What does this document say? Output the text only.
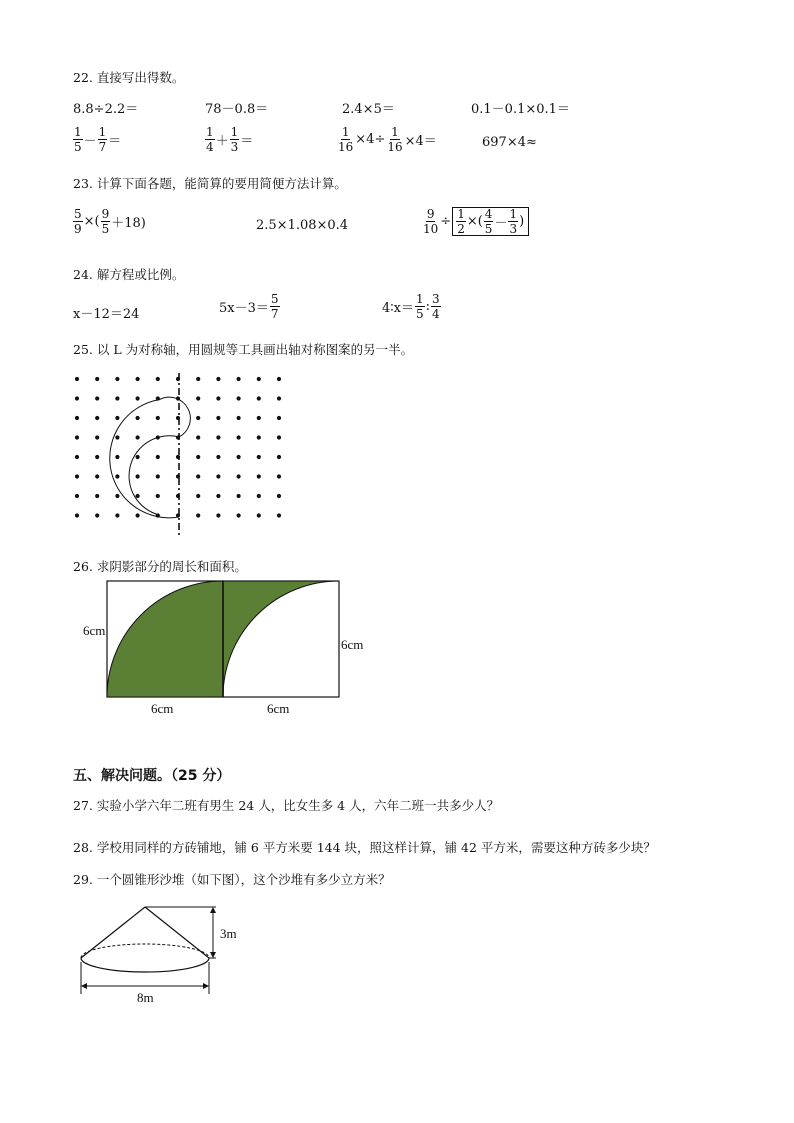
22. 直接写出得数。
8.8÷2.2＝	78－0.8＝	2.4×5＝	0.1－0.1×0.1＝
$\frac{1}{5} - \frac{1}{7}$ ＝	$\frac{1}{4} + \frac{1}{3}$ ＝	$\frac{1}{16} \times 4\div \frac{1}{16} \times 4=$	697×4≈
23. 计算下面各题，能简算的要用简便方法计算。
$\frac{5}{9}$ ×( $\frac{9}{5} +18$)	2.5×1.08×0.4	$\frac{9}{10} \div \frac{1}{2}$ ×( $\frac{4}{5} - \frac{1}{3}$ )
24. 解方程或比例。
x－12＝24	$5x-3= \frac{5}{7}$	4∶x＝ $\frac{1}{5}$ : $\frac{3}{4}$
25. 以 L 为对称轴，用圆规等工具画出轴对称图案的另一半。
26. 求阴影部分的周长和面积。
6cm
6cm
6cm	6cm
五、解决问题。（25 分）
27. 实验小学六年二班有男生 24 人，比女生多 4 人，六年二班一共多少人？
28. 学校用同样的方砖铺地，铺 6 平方米要 144 块，照这样计算，铺 42 平方米，需要这种方砖多少块？
29. 一个圆锥形沙堆（如下图），这个沙堆有多少立方米？
3m
8m
